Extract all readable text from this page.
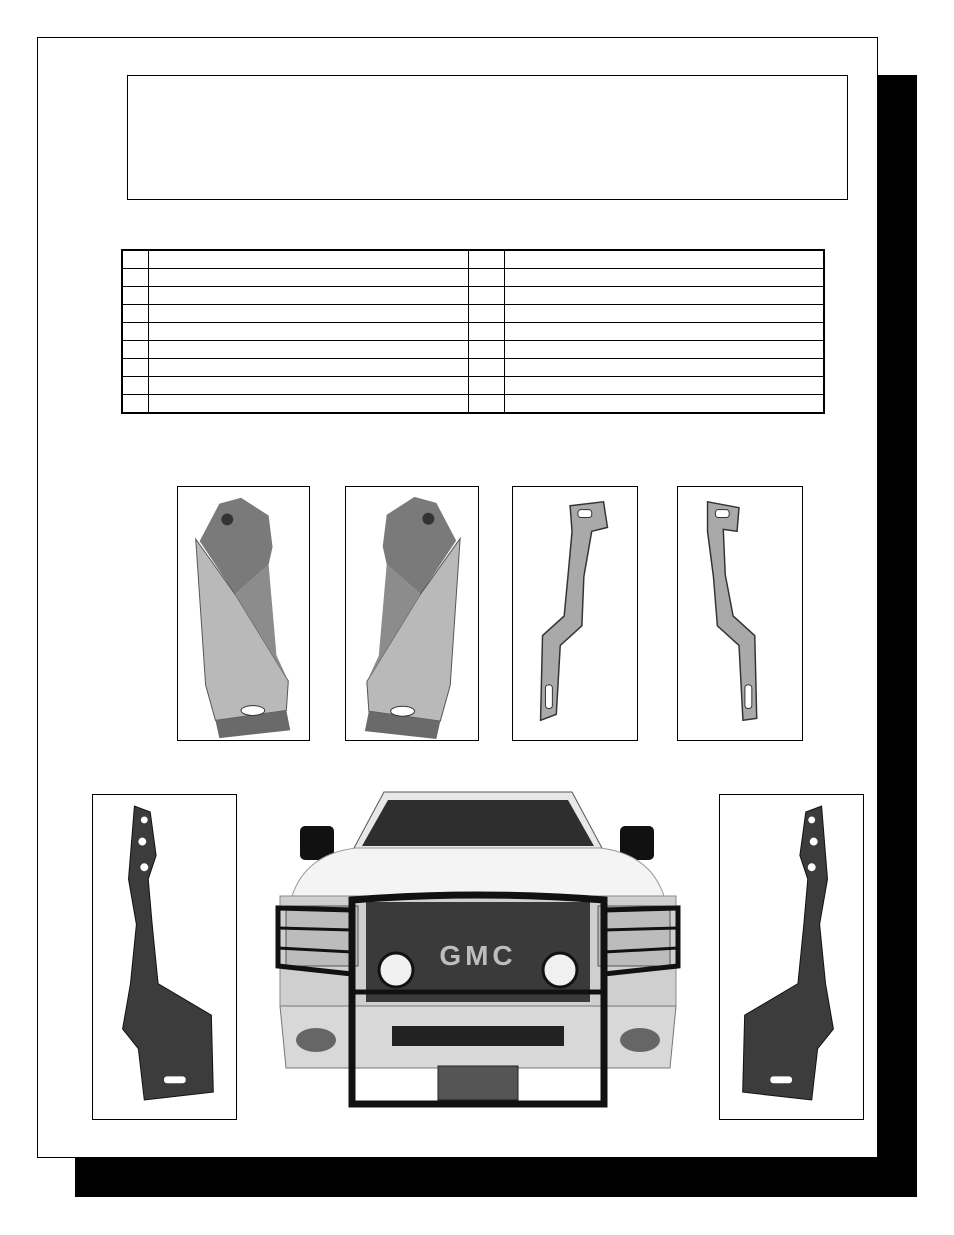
GMC
